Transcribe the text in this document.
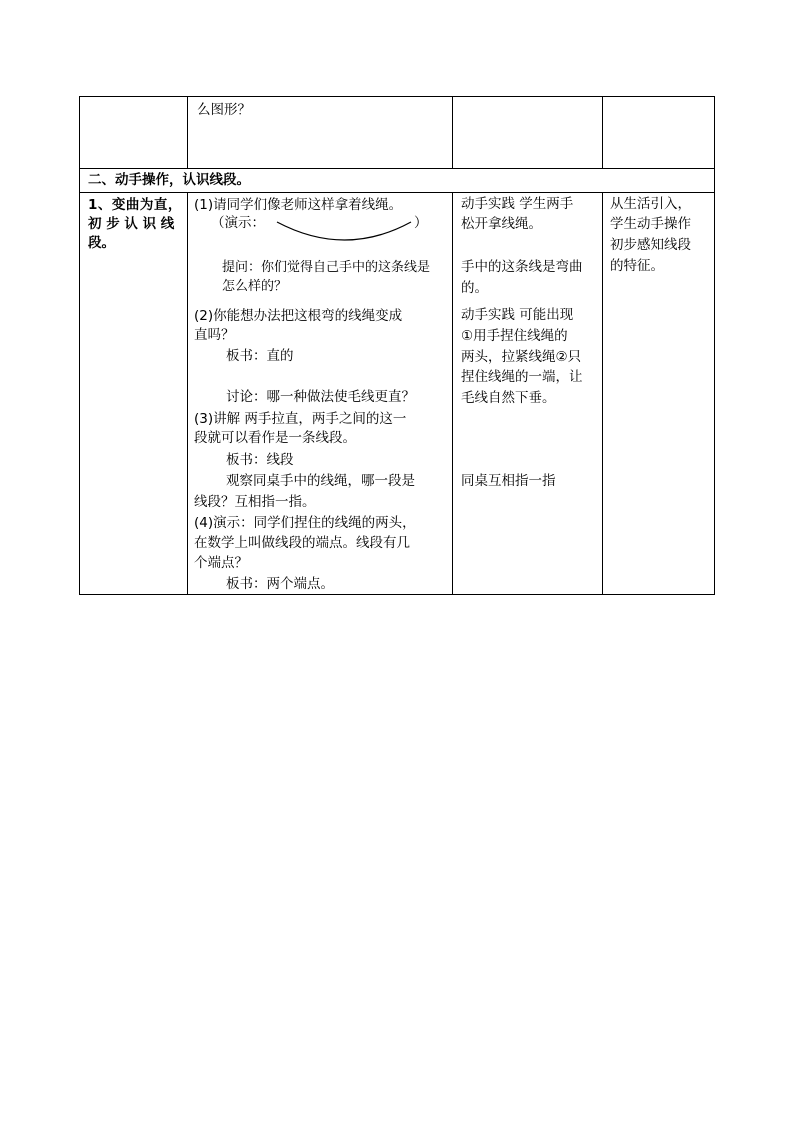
么图形？
二、动手操作，认识线段。
1、变曲为直，
初 步 认 识 线
段。
(1)请同学们像老师这样拿着线绳。
（演示：	）
提问：你们觉得自己手中的这条线是
怎么样的？
(2)你能想办法把这根弯的线绳变成
直吗？
板书：直的
讨论：哪一种做法使毛线更直？
(3)讲解 两手拉直，两手之间的这一
段就可以看作是一条线段。
板书：线段
观察同桌手中的线绳，哪一段是
线段？互相指一指。
(4)演示：同学们捏住的线绳的两头，
在数学上叫做线段的端点。线段有几
个端点？
板书：两个端点。
动手实践 学生两手
松开拿线绳。
手中的这条线是弯曲
的。
动手实践 可能出现
①用手捏住线绳的
两头，拉紧线绳②只
捏住线绳的一端，让
毛线自然下垂。
同桌互相指一指
从生活引入，
学生动手操作
初步感知线段
的特征。
